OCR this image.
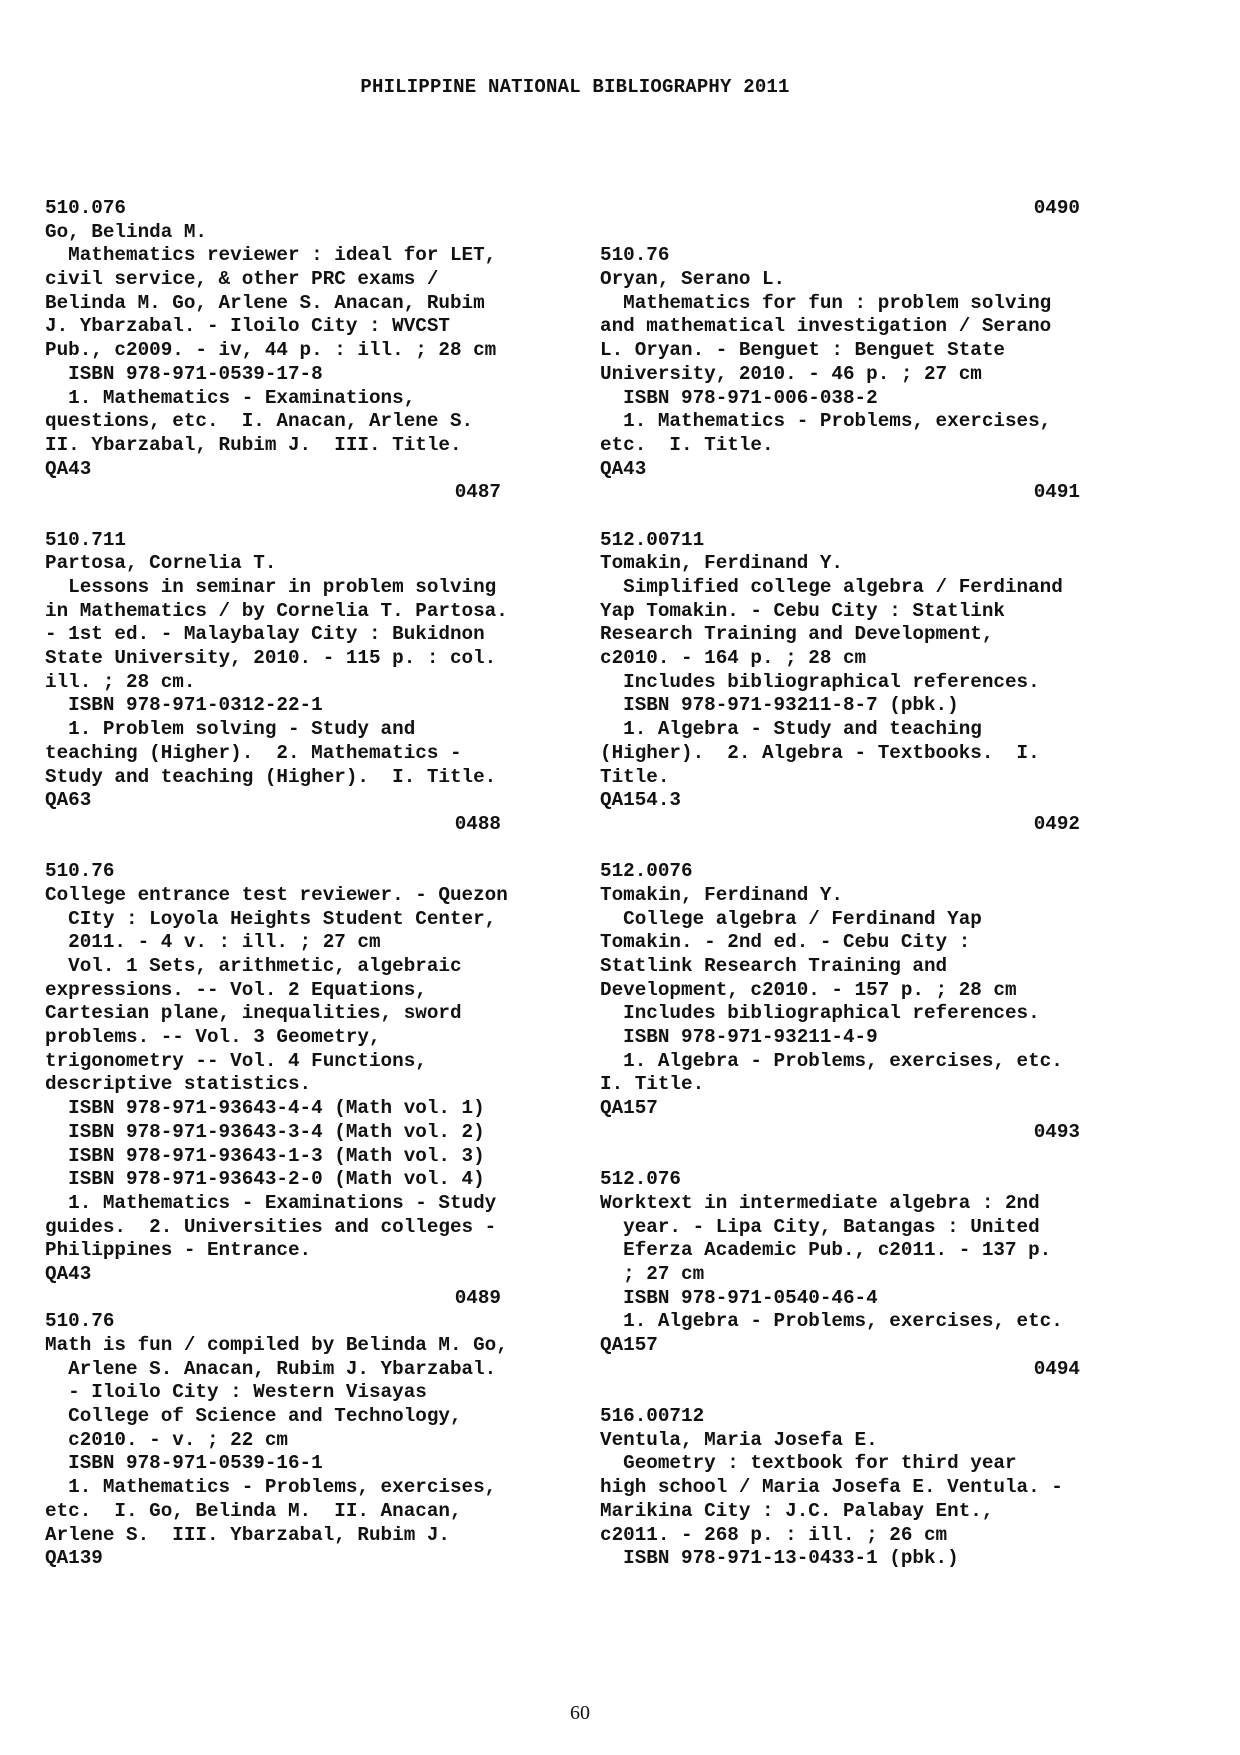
PHILIPPINE NATIONAL BIBLIOGRAPHY 2011
510.076
Go, Belinda M.
Mathematics reviewer : ideal for LET,
civil service, & other PRC exams /
Belinda M. Go, Arlene S. Anacan, Rubim
J. Ybarzabal. - Iloilo City : WVCST
Pub., c2009. - iv, 44 p. : ill. ; 28 cm
ISBN 978-971-0539-17-8
1. Mathematics - Examinations,
questions, etc.  I. Anacan, Arlene S.
II. Ybarzabal, Rubim J.  III. Title.
QA43
0487
510.711
Partosa, Cornelia T.
Lessons in seminar in problem solving
in Mathematics / by Cornelia T. Partosa.
- 1st ed. - Malaybalay City : Bukidnon
State University, 2010. - 115 p. : col.
ill. ; 28 cm.
ISBN 978-971-0312-22-1
1. Problem solving - Study and
teaching (Higher).  2. Mathematics -
Study and teaching (Higher).  I. Title.
QA63
0488
510.76
College entrance test reviewer. - Quezon
CIty : Loyola Heights Student Center,
2011. - 4 v. : ill. ; 27 cm
Vol. 1 Sets, arithmetic, algebraic
expressions. -- Vol. 2 Equations,
Cartesian plane, inequalities, sword
problems. -- Vol. 3 Geometry,
trigonometry -- Vol. 4 Functions,
descriptive statistics.
ISBN 978-971-93643-4-4 (Math vol. 1)
ISBN 978-971-93643-3-4 (Math vol. 2)
ISBN 978-971-93643-1-3 (Math vol. 3)
ISBN 978-971-93643-2-0 (Math vol. 4)
1. Mathematics - Examinations - Study
guides.  2. Universities and colleges -
Philippines - Entrance.
QA43
0489
510.76
Math is fun / compiled by Belinda M. Go,
Arlene S. Anacan, Rubim J. Ybarzabal.
- Iloilo City : Western Visayas
College of Science and Technology,
c2010. - v. ; 22 cm
ISBN 978-971-0539-16-1
1. Mathematics - Problems, exercises,
etc.  I. Go, Belinda M.  II. Anacan,
Arlene S.  III. Ybarzabal, Rubim J.
QA139
0490
510.76
Oryan, Serano L.
Mathematics for fun : problem solving
and mathematical investigation / Serano
L. Oryan. - Benguet : Benguet State
University, 2010. - 46 p. ; 27 cm
ISBN 978-971-006-038-2
1. Mathematics - Problems, exercises,
etc.  I. Title.
QA43
0491
512.00711
Tomakin, Ferdinand Y.
Simplified college algebra / Ferdinand
Yap Tomakin. - Cebu City : Statlink
Research Training and Development,
c2010. - 164 p. ; 28 cm
Includes bibliographical references.
ISBN 978-971-93211-8-7 (pbk.)
1. Algebra - Study and teaching
(Higher).  2. Algebra - Textbooks.  I.
Title.
QA154.3
0492
512.0076
Tomakin, Ferdinand Y.
College algebra / Ferdinand Yap
Tomakin. - 2nd ed. - Cebu City :
Statlink Research Training and
Development, c2010. - 157 p. ; 28 cm
Includes bibliographical references.
ISBN 978-971-93211-4-9
1. Algebra - Problems, exercises, etc.
I. Title.
QA157
0493
512.076
Worktext in intermediate algebra : 2nd
year. - Lipa City, Batangas : United
Eferza Academic Pub., c2011. - 137 p.
; 27 cm
ISBN 978-971-0540-46-4
1. Algebra - Problems, exercises, etc.
QA157
0494
516.00712
Ventula, Maria Josefa E.
Geometry : textbook for third year
high school / Maria Josefa E. Ventula. -
Marikina City : J.C. Palabay Ent.,
c2011. - 268 p. : ill. ; 26 cm
ISBN 978-971-13-0433-1 (pbk.)
60
